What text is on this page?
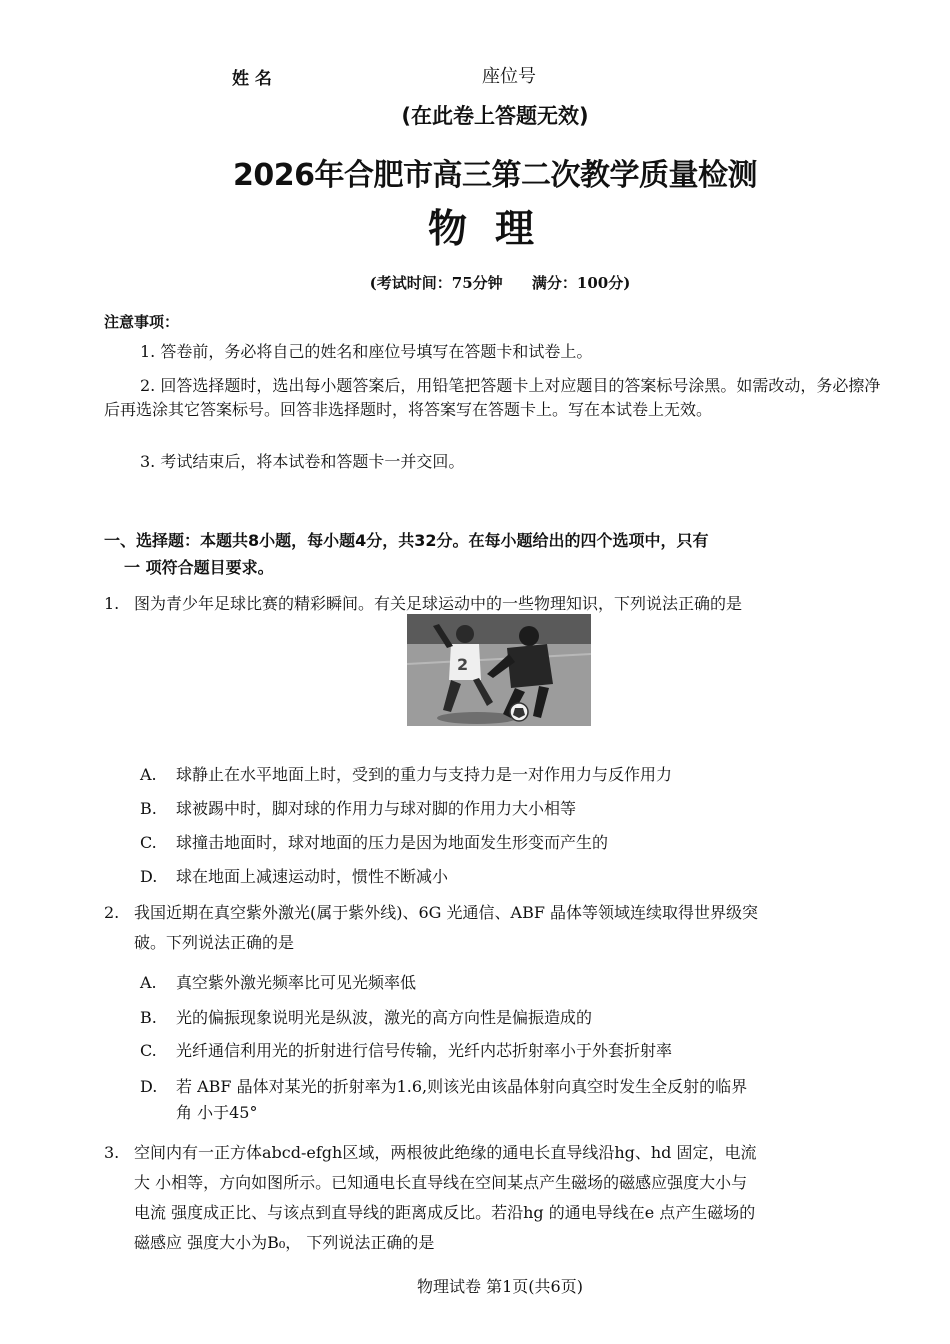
姓 名	座位号
(在此卷上答题无效)
2026年合肥市高三第二次教学质量检测
物理
(考试时间：75分钟 满分：100分)
注意事项：
1. 答卷前，务必将自己的姓名和座位号填写在答题卡和试卷上。
2. 回答选择题时，选出每小题答案后，用铅笔把答题卡上对应题目的答案标号涂黑。如需改动，务必擦净后再选涂其它答案标号。回答非选择题时，将答案写在答题卡上。写在本试卷上无效。
3. 考试结束后，将本试卷和答题卡一并交回。
一、选择题：本题共8小题，每小题4分，共32分。在每小题给出的四个选项中，只有
一 项符合题目要求。
1. 图为青少年足球比赛的精彩瞬间。有关足球运动中的一些物理知识，下列说法正确的是
2
A. 球静止在水平地面上时，受到的重力与支持力是一对作用力与反作用力
B. 球被踢中时，脚对球的作用力与球对脚的作用力大小相等
C. 球撞击地面时，球对地面的压力是因为地面发生形变而产生的
D. 球在地面上减速运动时，惯性不断减小
2. 我国近期在真空紫外激光(属于紫外线)、6G 光通信、ABF 晶体等领域连续取得世界级突
破。下列说法正确的是
A. 真空紫外激光频率比可见光频率低
B. 光的偏振现象说明光是纵波，激光的高方向性是偏振造成的
C. 光纤通信利用光的折射进行信号传输，光纤内芯折射率小于外套折射率
D. 若 ABF 晶体对某光的折射率为1.6,则该光由该晶体射向真空时发生全反射的临界
角 小于45°
3. 空间内有一正方体abcd-efgh区域，两根彼此绝缘的通电长直导线沿hg、hd 固定，电流
大 小相等，方向如图所示。已知通电长直导线在空间某点产生磁场的磁感应强度大小与
电流 强度成正比、与该点到直导线的距离成反比。若沿hg 的通电导线在e 点产生磁场的
磁感应 强度大小为B₀， 下列说法正确的是
物理试卷 第1页(共6页)
